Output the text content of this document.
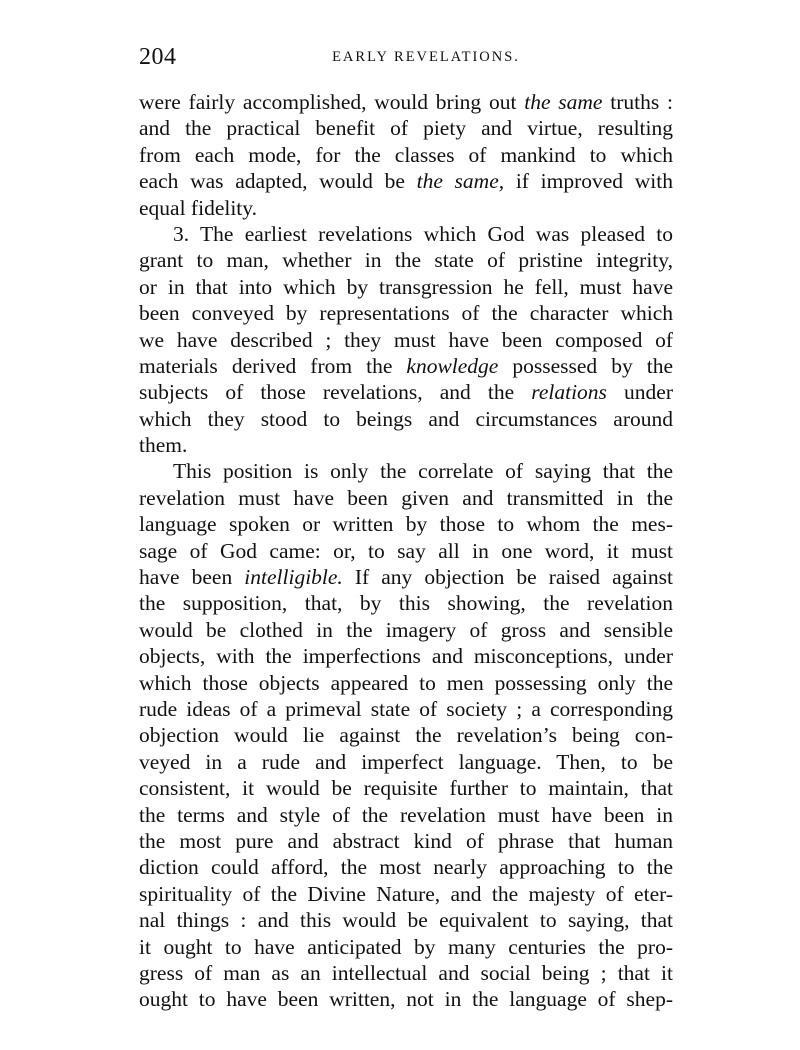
204	EARLY REVELATIONS.
were fairly accomplished, would bring out the same truths :
and the practical benefit of piety and virtue, resulting
from each mode, for the classes of mankind to which
each was adapted, would be the same, if improved with
equal fidelity.
3. The earliest revelations which God was pleased to
grant to man, whether in the state of pristine integrity,
or in that into which by transgression he fell, must have
been conveyed by representations of the character which
we have described ; they must have been composed of
materials derived from the knowledge possessed by the
subjects of those revelations, and the relations under
which they stood to beings and circumstances around
them.
This position is only the correlate of saying that the
revelation must have been given and transmitted in the
language spoken or written by those to whom the mes-
sage of God came: or, to say all in one word, it must
have been intelligible. If any objection be raised against
the supposition, that, by this showing, the revelation
would be clothed in the imagery of gross and sensible
objects, with the imperfections and misconceptions, under
which those objects appeared to men possessing only the
rude ideas of a primeval state of society ; a corresponding
objection would lie against the revelation’s being con-
veyed in a rude and imperfect language. Then, to be
consistent, it would be requisite further to maintain, that
the terms and style of the revelation must have been in
the most pure and abstract kind of phrase that human
diction could afford, the most nearly approaching to the
spirituality of the Divine Nature, and the majesty of eter-
nal things : and this would be equivalent to saying, that
it ought to have anticipated by many centuries the pro-
gress of man as an intellectual and social being ; that it
ought to have been written, not in the language of shep-
